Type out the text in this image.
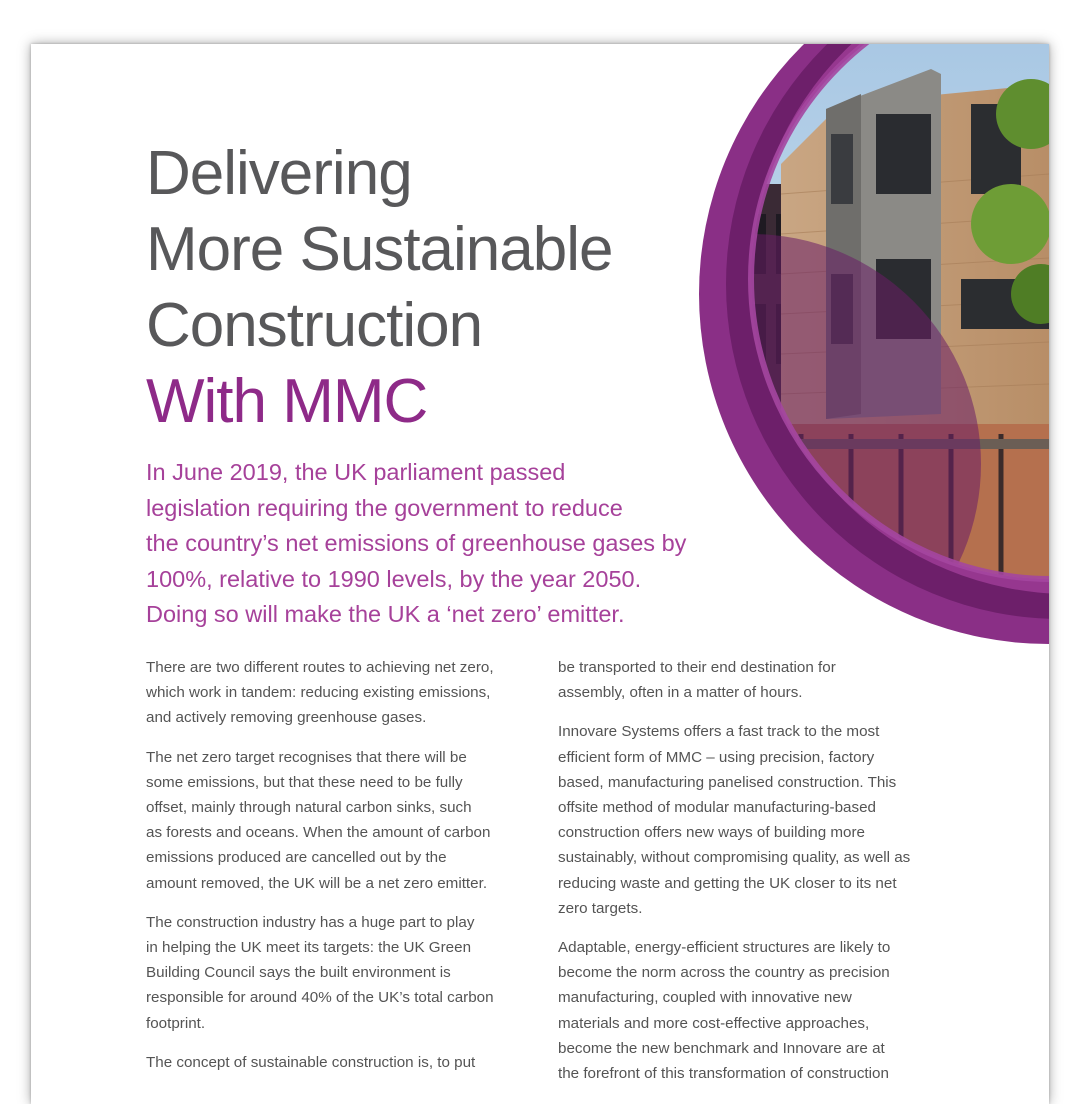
Delivering
More Sustainable
Construction
With MMC

In June 2019, the UK parliament passed
legislation requiring the government to reduce
the country’s net emissions of greenhouse gases by
100%, relative to 1990 levels, by the year 2050.
Doing so will make the UK a ‘net zero’ emitter.

There are two different routes to achieving net zero,
which work in tandem: reducing existing emissions,
and actively removing greenhouse gases.

The net zero target recognises that there will be
some emissions, but that these need to be fully
offset, mainly through natural carbon sinks, such
as forests and oceans. When the amount of carbon
emissions produced are cancelled out by the
amount removed, the UK will be a net zero emitter.

The construction industry has a huge part to play
in helping the UK meet its targets: the UK Green
Building Council says the built environment is
responsible for around 40% of the UK’s total carbon
footprint.

The concept of sustainable construction is, to put

be transported to their end destination for
assembly, often in a matter of hours.

Innovare Systems offers a fast track to the most
efficient form of MMC – using precision, factory
based, manufacturing panelised construction. This
offsite method of modular manufacturing-based
construction offers new ways of building more
sustainably, without compromising quality, as well as
reducing waste and getting the UK closer to its net
zero targets.

Adaptable, energy-efficient structures are likely to
become the norm across the country as precision
manufacturing, coupled with innovative new
materials and more cost-effective approaches,
become the new benchmark and Innovare are at
the forefront of this transformation of construction
